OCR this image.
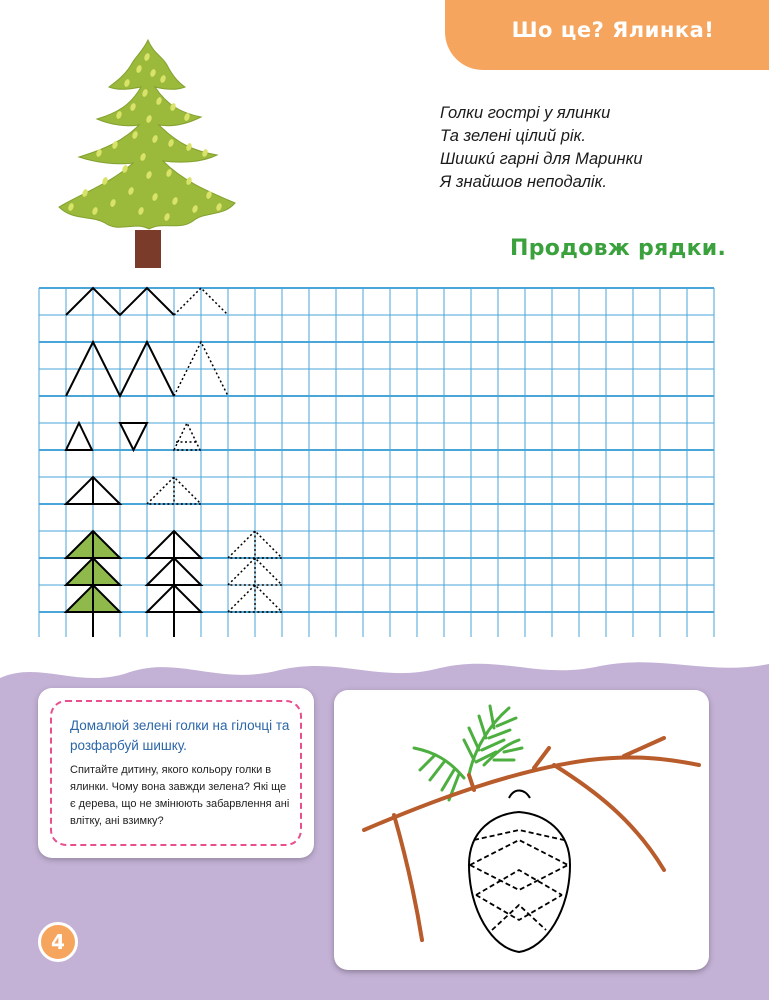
Шо це? Ялинка!
Голки гострі у ялинки
Та зелені цілий рік.
Шишкú гарні для Маринки
Я знайшов неподалік.
Продовж рядки.
Домалюй зелені голки на гілочці та розфарбуй шишку.
Спитайте дитину, якого кольору голки в ялинки. Чому вона завжди зелена? Які ще є дерева, що не змінюють забарвлення ані влітку, ані взимку?
4
